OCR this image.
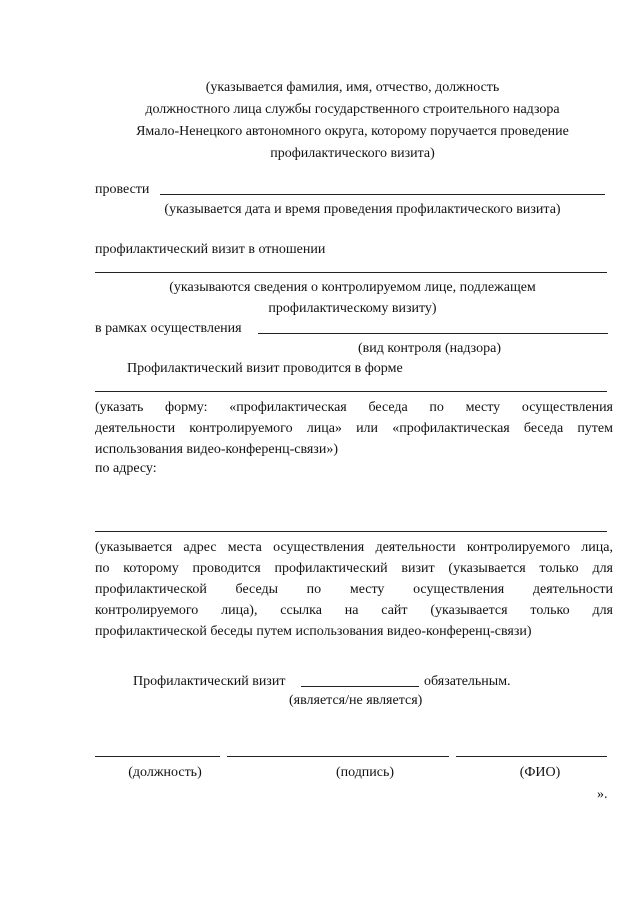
(указывается фамилия, имя, отчество, должность
должностного лица службы государственного строительного надзора
Ямало-Ненецкого автономного округа, которому поручается проведение
профилактического визита)
провести
(указывается дата и время проведения профилактического визита)
профилактический визит в отношении
(указываются сведения о контролируемом лице, подлежащем
профилактическому визиту)
в рамках осуществления
(вид контроля (надзора)
Профилактический визит проводится в форме
(указать форму: «профилактическая беседа по месту осуществления
деятельности контролируемого лица» или «профилактическая беседа путем
использования видео-конференц-связи»)
по адресу:
(указывается адрес места осуществления деятельности контролируемого лица,
по которому проводится профилактический визит (указывается только для
профилактической беседы по месту осуществления деятельности
контролируемого лица), ссылка на сайт (указывается только для
профилактической беседы путем использования видео-конференц-связи)
Профилактический визит	обязательным.
(является/не является)
(должность)	(подпись)	(ФИО)
».
